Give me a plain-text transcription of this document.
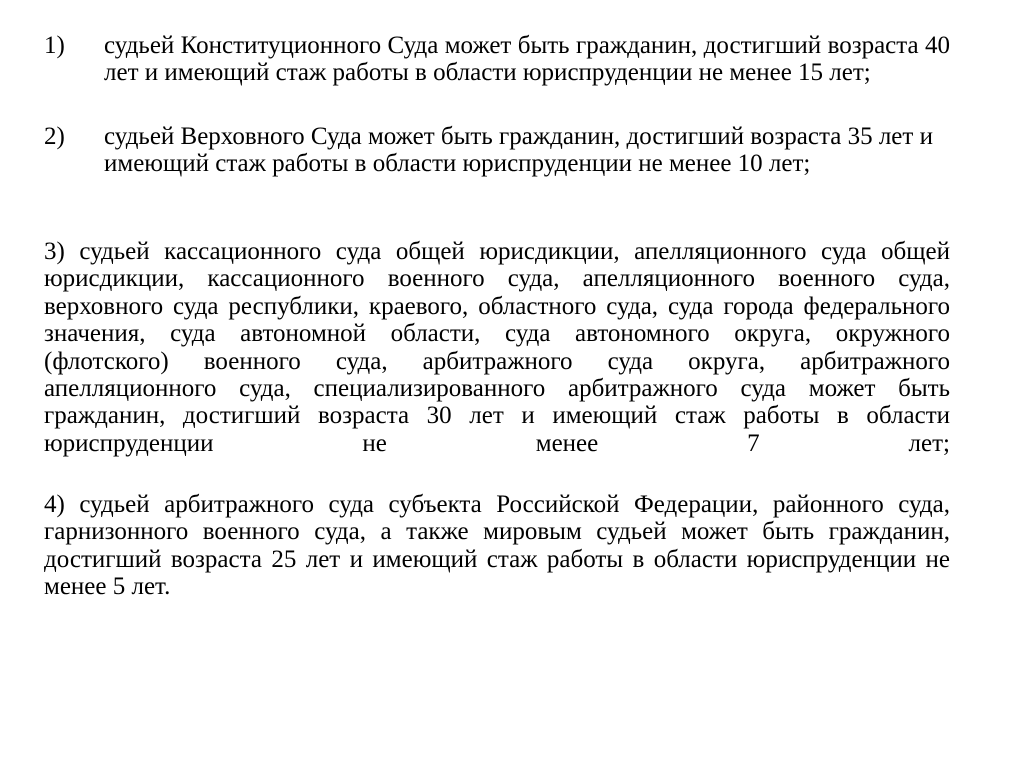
1) судьей Конституционного Суда может быть гражданин, достигший возраста 40 лет и имеющий стаж работы в области юриспруденции не менее 15 лет;
2) судьей Верховного Суда может быть гражданин, достигший возраста 35 лет и имеющий стаж работы в области юриспруденции не менее 10 лет;
3) судьей кассационного суда общей юрисдикции, апелляционного суда общей юрисдикции, кассационного военного суда, апелляционного военного суда, верховного суда республики, краевого, областного суда, суда города федерального значения, суда автономной области, суда автономного округа, окружного (флотского) военного суда, арбитражного суда округа, арбитражного апелляционного суда, специализированного арбитражного суда может быть гражданин, достигший возраста 30 лет и имеющий стаж работы в области юриспруденции не менее 7 лет;
4) судьей арбитражного суда субъекта Российской Федерации, районного суда, гарнизонного военного суда, а также мировым судьей может быть гражданин, достигший возраста 25 лет и имеющий стаж работы в области юриспруденции не менее 5 лет.
